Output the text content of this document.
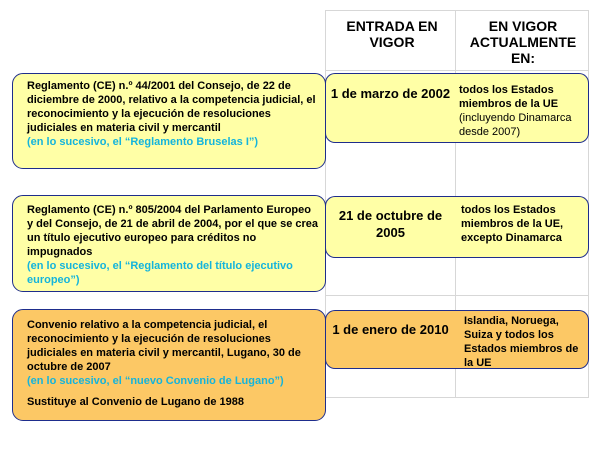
ENTRADA EN VIGOR
EN VIGOR ACTUALMENTE EN:
Reglamento (CE) n.º 44/2001 del Consejo, de 22 de diciembre de 2000, relativo a la competencia judicial, el reconocimiento y la ejecución de resoluciones judiciales en materia civil y mercantil
(en lo sucesivo, el “Reglamento Bruselas I”)
1 de marzo de 2002 todos los Estados miembros de la UE
(incluyendo Dinamarca desde 2007)
Reglamento (CE) n.º 805/2004 del Parlamento Europeo y del Consejo, de 21 de abril de 2004, por el que se crea un título ejecutivo europeo para créditos no impugnados
(en lo sucesivo, el “Reglamento del título ejecutivo europeo”)
21 de octubre de 2005
todos los Estados miembros de la UE, excepto Dinamarca
Convenio relativo a la competencia judicial, el reconocimiento y la ejecución de resoluciones judiciales en materia civil y mercantil, Lugano, 30 de octubre de 2007
(en lo sucesivo, el “nuevo Convenio de Lugano”)
Sustituye al Convenio de Lugano de 1988
1 de enero de 2010
Islandia, Noruega, Suiza y todos los Estados miembros de la UE
